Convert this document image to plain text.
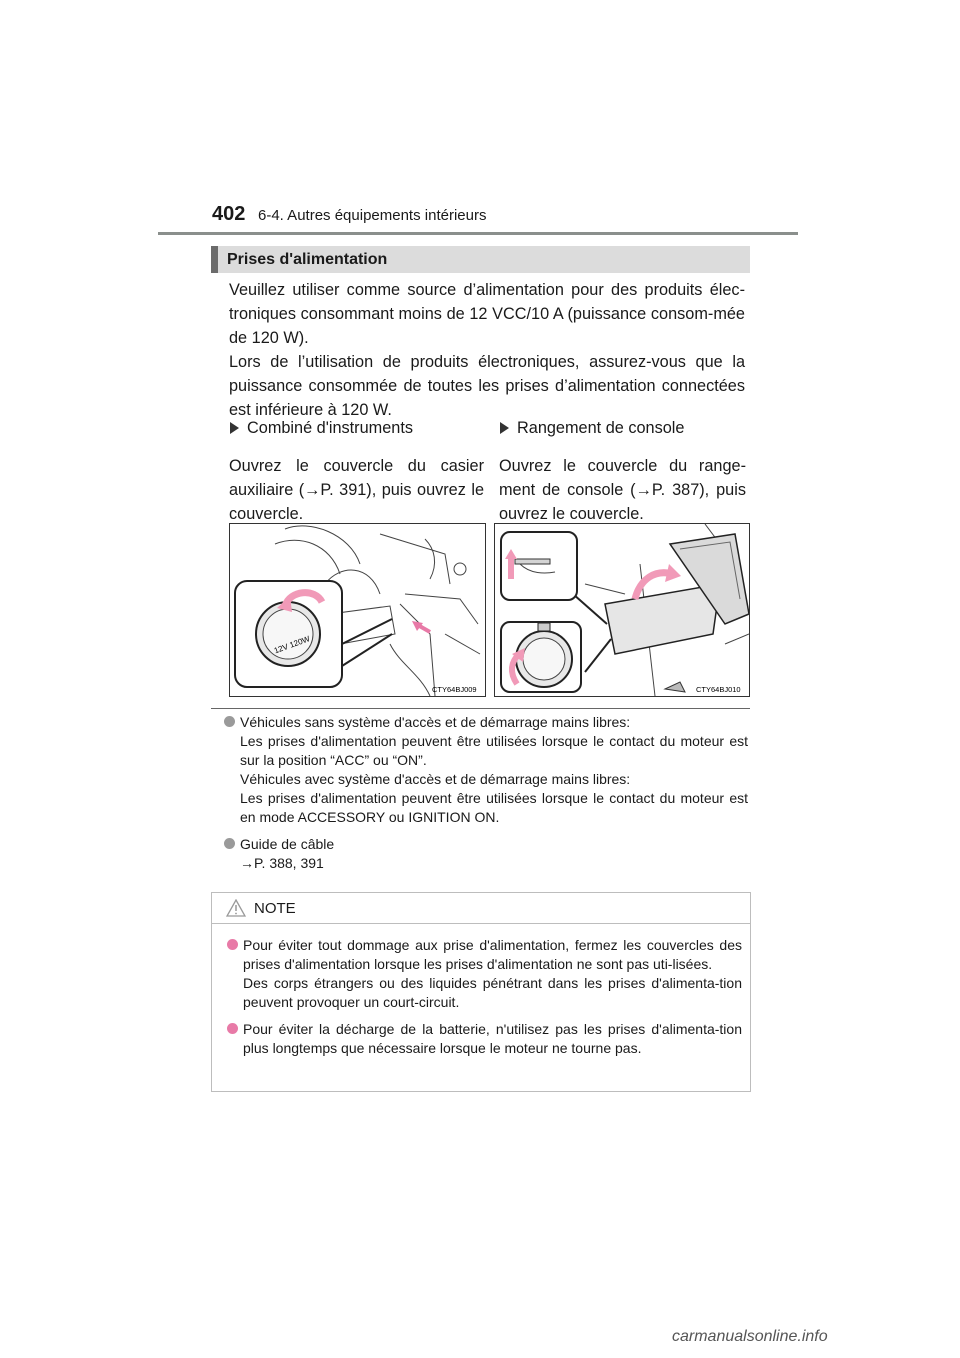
402 6-4. Autres équipements intérieurs
Prises d'alimentation

Veuillez utiliser comme source d’alimentation pour des produits élec-troniques consommant moins de 12 VCC/10 A (puissance consom-mée de 120 W).

Lors de l’utilisation de produits électroniques, assurez-vous que la puissance consommée de toutes les prises d’alimentation connectées est inférieure à 120 W.

Combiné d'instruments
Ouvrez le couvercle du casier auxiliaire (→P. 391), puis ouvrez le couvercle.
Rangement de console
Ouvrez le couvercle du range-ment de console (→P. 387), puis ouvrez le couvercle.
12V 120W
CTY64BJ009	CTY64BJ010

Véhicules sans système d'accès et de démarrage mains libres:

Les prises d'alimentation peuvent être utilisées lorsque le contact du moteur est sur la position “ACC” ou “ON”.

Véhicules avec système d'accès et de démarrage mains libres:

Les prises d'alimentation peuvent être utilisées lorsque le contact du moteur est en mode ACCESSORY ou IGNITION ON.

Guide de câble

→P. 388, 391

NOTE

Pour éviter tout dommage aux prise d'alimentation, fermez les couvercles des prises d'alimentation lorsque les prises d'alimentation ne sont pas uti-lisées.

Des corps étrangers ou des liquides pénétrant dans les prises d'alimenta-tion peuvent provoquer un court-circuit.

Pour éviter la décharge de la batterie, n'utilisez pas les prises d'alimenta-tion plus longtemps que nécessaire lorsque le moteur ne tourne pas.

carmanualsonline.info
